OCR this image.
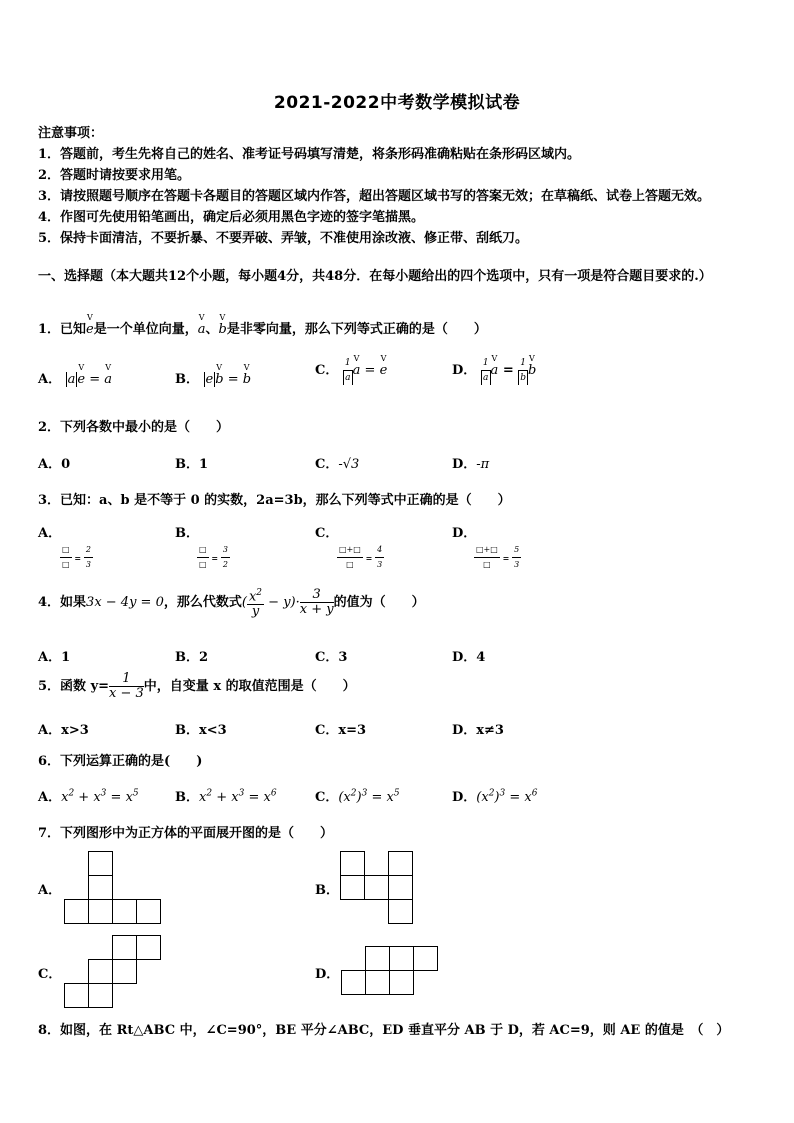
2021-2022中考数学模拟试卷
注意事项：
1．答题前，考生先将自己的姓名、准考证号码填写清楚，将条形码准确粘贴在条形码区域内。
2．答题时请按要求用笔。
3．请按照题号顺序在答题卡各题目的答题区域内作答，超出答题区域书写的答案无效；在草稿纸、试卷上答题无效。
4．作图可先使用铅笔画出，确定后必须用黑色字迹的签字笔描黑。
5．保持卡面清洁，不要折暴、不要弄破、弄皱，不准使用涂改液、修正带、刮纸刀。
一、选择题（本大题共12个小题，每小题4分，共48分．在每小题给出的四个选项中，只有一项是符合题目要求的.）
1．已知V e是一个单位向量，V a、V b是非零向量，那么下列等式正确的是（　　）
A． a V e = V a	B． e V b = V b
C． $\frac{1}{a}$ V a = V e	D． $\frac{1}{a}$ V $a = \frac{1}{b}$ V b
2．下列各数中最小的是（　　）
A．0	B．1	C．-√3	D．-π
3．已知：a、b 是不等于 0 的实数，2a=3b，那么下列等式中正确的是（　　）
A．
$\frac{□}{□} = \frac{2}{3}$
B．
$\frac{□}{□} = \frac{3}{2}$
C．
$\frac{□+□}{□} = \frac{4}{3}$
D．
$\frac{□+□}{□} = \frac{5}{3}$
4．如果3x − 4y = 0，那么代数式( $\frac{x^2}{y} - y)\cdot \frac{3}{x + y}$ 的值为（　　）
A．1	B．2	C．3	D．4
5．函数 $y= \frac{1}{x - 3}$ 中，自变量 x 的取值范围是（　　）
A．x>3	B．x<3	C．x=3	D．x≠3
6．下列运算正确的是(　　)
A．$x^2 + x^3 = x^5$	B．$x^2 + x^3 = x^6$	C．$(x^2)^3 = x^5$	D．$(x^2)^3 = x^6$
7．下列图形中为正方体的平面展开图的是（　　）
A．	B．
C．	D．
8．如图，在 Rt△ABC 中，∠C=90°，BE 平分∠ABC，ED 垂直平分 AB 于 D，若 AC=9，则 AE 的值是　（　）
